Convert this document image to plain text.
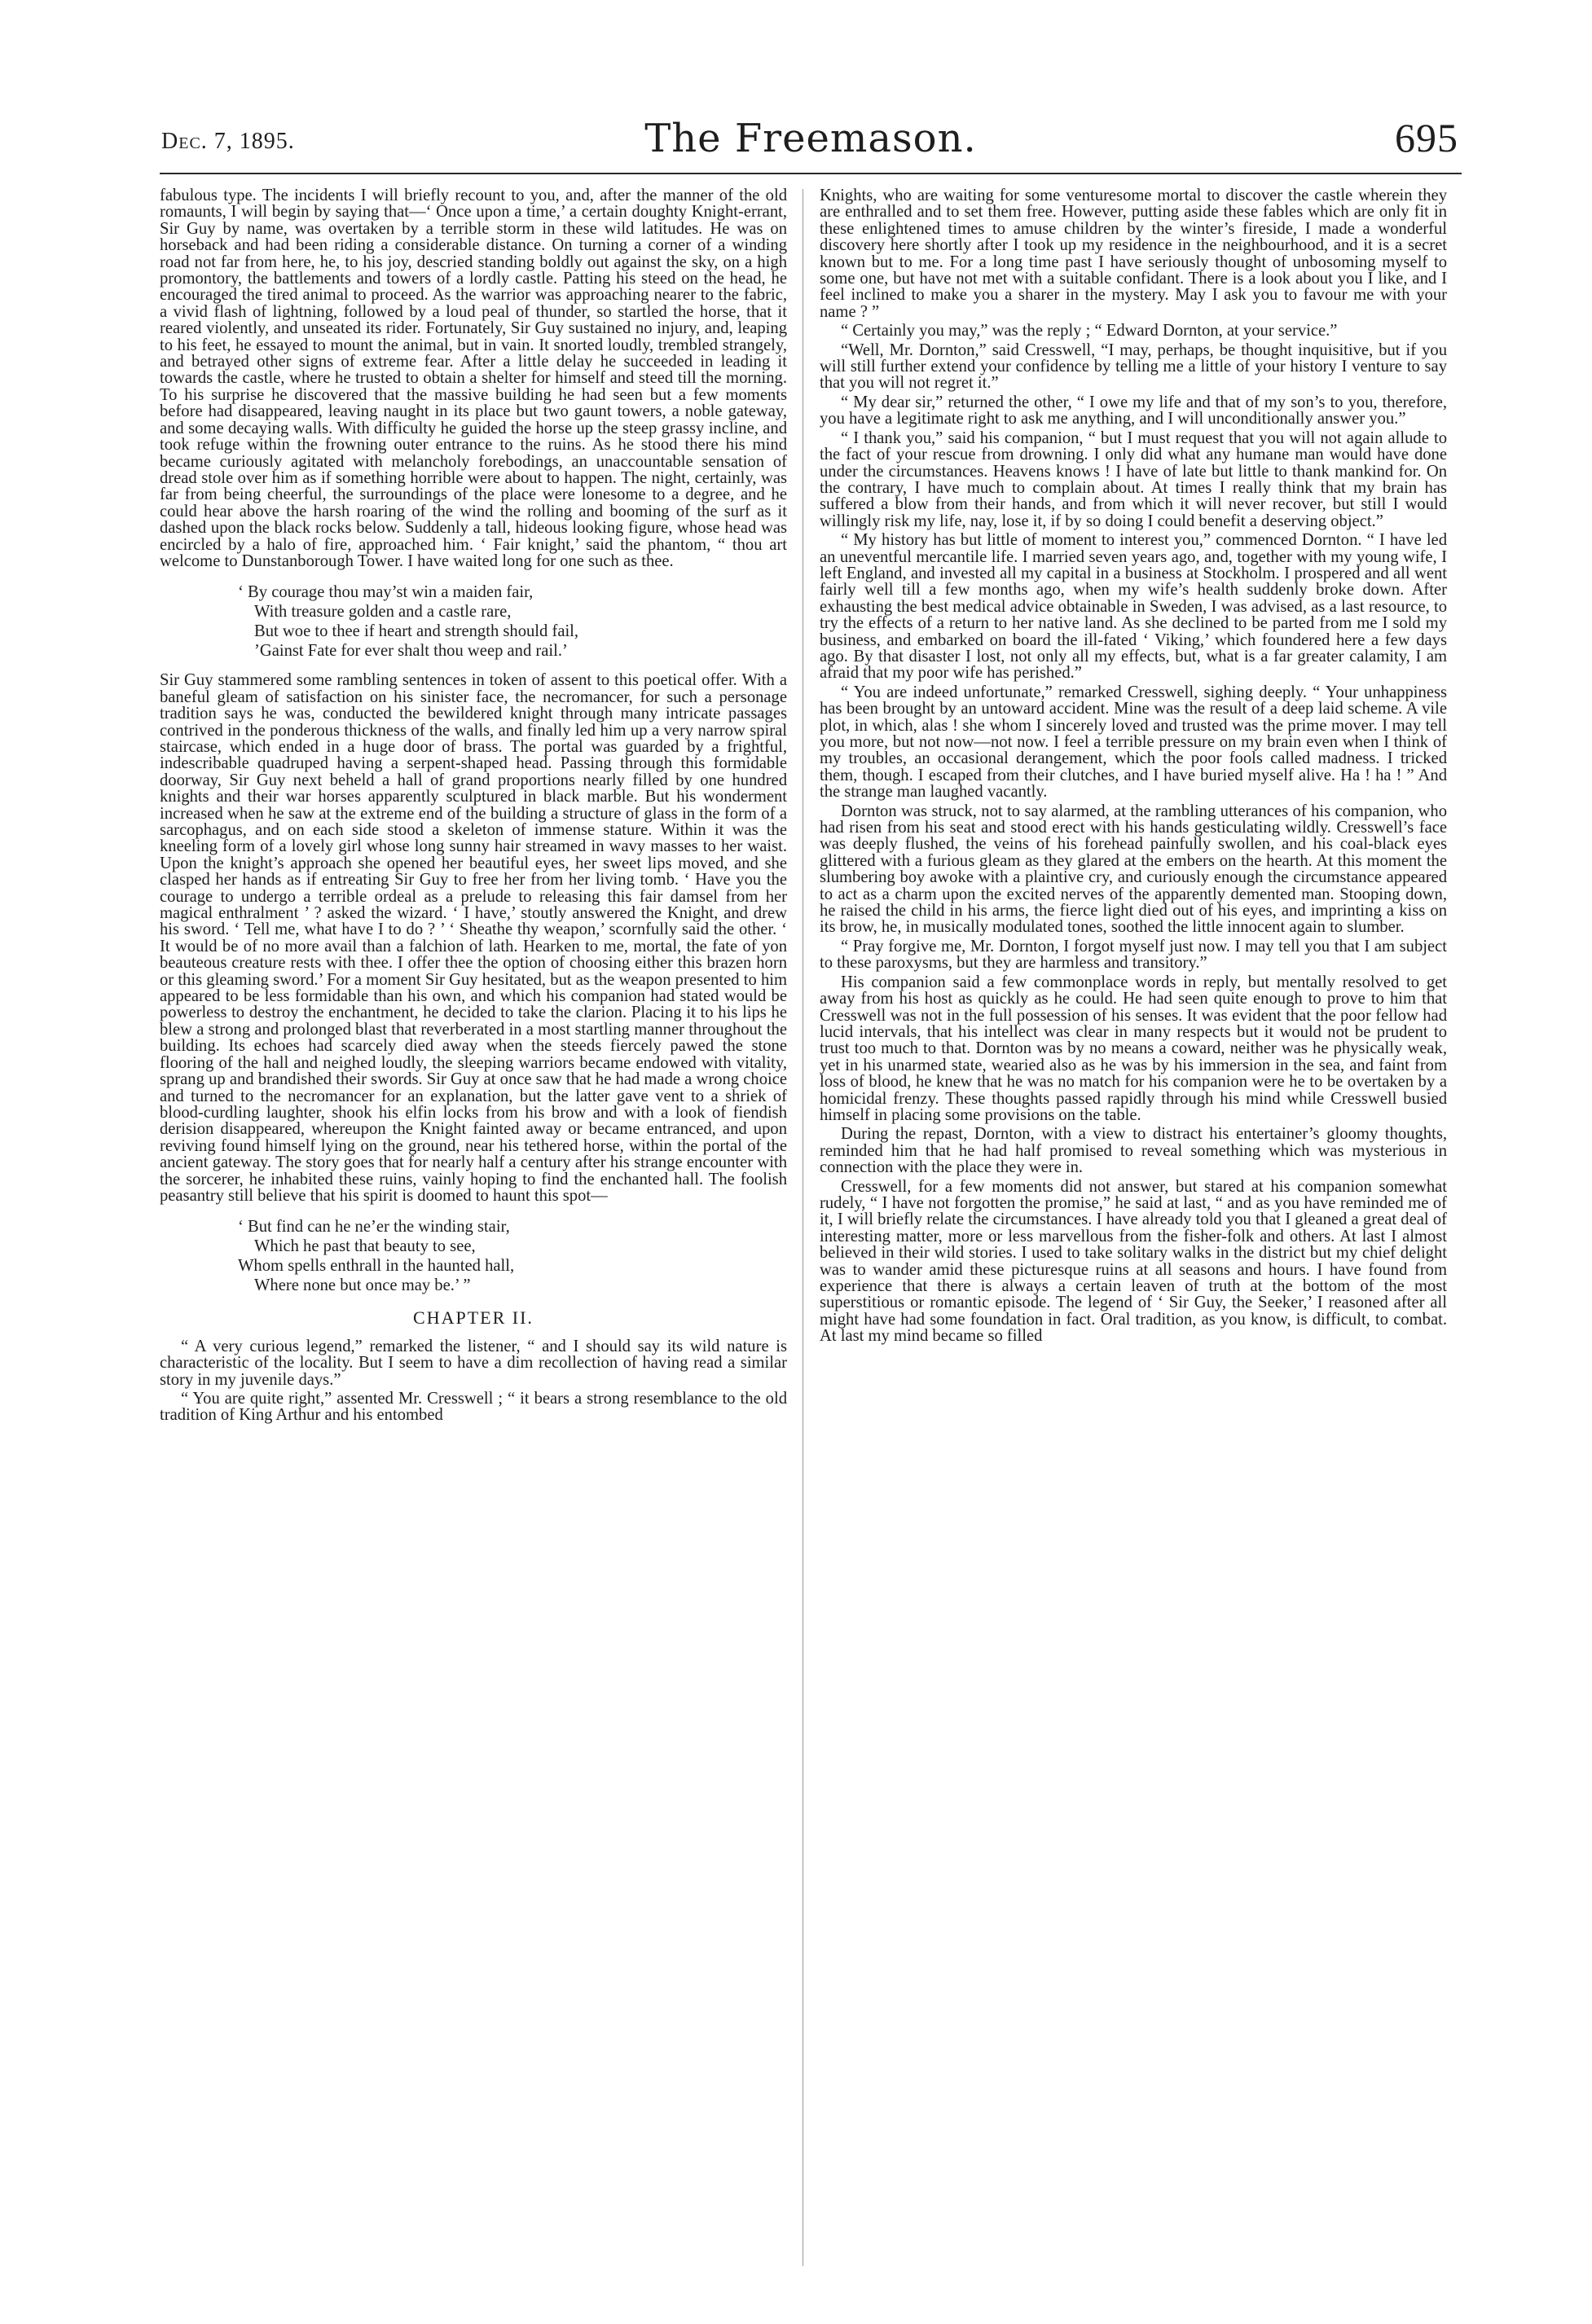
Dec. 7, 1895.	The Freemason.	695

fabulous type. The incidents I will briefly recount to you, and, after the manner of the old romaunts, I will begin by saying that—‘ Once upon a time,’ a certain doughty Knight-errant, Sir Guy by name, was overtaken by a terrible storm in these wild latitudes. He was on horseback and had been riding a considerable distance. On turning a corner of a winding road not far from here, he, to his joy, descried standing boldly out against the sky, on a high promontory, the battlements and towers of a lordly castle. Patting his steed on the head, he encouraged the tired animal to proceed. As the warrior was approaching nearer to the fabric, a vivid flash of lightning, followed by a loud peal of thunder, so startled the horse, that it reared violently, and unseated its rider. Fortunately, Sir Guy sustained no injury, and, leaping to his feet, he essayed to mount the animal, but in vain. It snorted loudly, trembled strangely, and betrayed other signs of extreme fear. After a little delay he succeeded in leading it towards the castle, where he trusted to obtain a shelter for himself and steed till the morning. To his surprise he discovered that the massive building he had seen but a few moments before had disappeared, leaving naught in its place but two gaunt towers, a noble gateway, and some decaying walls. With difficulty he guided the horse up the steep grassy incline, and took refuge within the frowning outer entrance to the ruins. As he stood there his mind became curiously agitated with melancholy forebodings, an unaccountable sensation of dread stole over him as if something horrible were about to happen. The night, certainly, was far from being cheerful, the surroundings of the place were lonesome to a degree, and he could hear above the harsh roaring of the wind the rolling and booming of the surf as it dashed upon the black rocks below. Suddenly a tall, hideous looking figure, whose head was encircled by a halo of fire, approached him. ‘ Fair knight,’ said the phantom, “ thou art welcome to Dunstanborough Tower. I have waited long for one such as thee.

‘ By courage thou may’st win a maiden fair,
With treasure golden and a castle rare,
But woe to thee if heart and strength should fail,
’Gainst Fate for ever shalt thou weep and rail.’

Sir Guy stammered some rambling sentences in token of assent to this poetical offer. With a baneful gleam of satisfaction on his sinister face, the necromancer, for such a personage tradition says he was, conducted the bewildered knight through many intricate passages contrived in the ponderous thickness of the walls, and finally led him up a very narrow spiral staircase, which ended in a huge door of brass. The portal was guarded by a frightful, indescribable quadruped having a serpent-shaped head. Passing through this formidable doorway, Sir Guy next beheld a hall of grand proportions nearly filled by one hundred knights and their war horses apparently sculptured in black marble. But his wonderment increased when he saw at the extreme end of the building a structure of glass in the form of a sarcophagus, and on each side stood a skeleton of immense stature. Within it was the kneeling form of a lovely girl whose long sunny hair streamed in wavy masses to her waist. Upon the knight’s approach she opened her beautiful eyes, her sweet lips moved, and she clasped her hands as if entreating Sir Guy to free her from her living tomb. ‘ Have you the courage to undergo a terrible ordeal as a prelude to releasing this fair damsel from her magical enthralment ’ ? asked the wizard. ‘ I have,’ stoutly answered the Knight, and drew his sword. ‘ Tell me, what have I to do ? ’ ‘ Sheathe thy weapon,’ scornfully said the other. ‘ It would be of no more avail than a falchion of lath. Hearken to me, mortal, the fate of yon beauteous creature rests with thee. I offer thee the option of choosing either this brazen horn or this gleaming sword.’ For a moment Sir Guy hesitated, but as the weapon presented to him appeared to be less formidable than his own, and which his companion had stated would be powerless to destroy the enchantment, he decided to take the clarion. Placing it to his lips he blew a strong and prolonged blast that reverberated in a most startling manner throughout the building. Its echoes had scarcely died away when the steeds fiercely pawed the stone flooring of the hall and neighed loudly, the sleeping warriors became endowed with vitality, sprang up and brandished their swords. Sir Guy at once saw that he had made a wrong choice and turned to the necromancer for an explanation, but the latter gave vent to a shriek of blood-curdling laughter, shook his elfin locks from his brow and with a look of fiendish derision disappeared, whereupon the Knight fainted away or became entranced, and upon reviving found himself lying on the ground, near his tethered horse, within the portal of the ancient gateway. The story goes that for nearly half a century after his strange encounter with the sorcerer, he inhabited these ruins, vainly hoping to find the enchanted hall. The foolish peasantry still believe that his spirit is doomed to haunt this spot—

‘ But find can he ne’er the winding stair,
Which he past that beauty to see,
Whom spells enthrall in the haunted hall,
Where none but once may be.’ ”
CHAPTER II.

“ A very curious legend,” remarked the listener, “ and I should say its wild nature is characteristic of the locality. But I seem to have a dim recollection of having read a similar story in my juvenile days.”

“ You are quite right,” assented Mr. Cresswell ; “ it bears a strong resemblance to the old tradition of King Arthur and his entombed

Knights, who are waiting for some venturesome mortal to discover the castle wherein they are enthralled and to set them free. However, putting aside these fables which are only fit in these enlightened times to amuse children by the winter’s fireside, I made a wonderful discovery here shortly after I took up my residence in the neighbourhood, and it is a secret known but to me. For a long time past I have seriously thought of unbosoming myself to some one, but have not met with a suitable confidant. There is a look about you I like, and I feel inclined to make you a sharer in the mystery. May I ask you to favour me with your name ? ”

“ Certainly you may,” was the reply ; “ Edward Dornton, at your service.”

“Well, Mr. Dornton,” said Cresswell, “I may, perhaps, be thought inquisitive, but if you will still further extend your confidence by telling me a little of your history I venture to say that you will not regret it.”

“ My dear sir,” returned the other, “ I owe my life and that of my son’s to you, therefore, you have a legitimate right to ask me anything, and I will unconditionally answer you.”

“ I thank you,” said his companion, “ but I must request that you will not again allude to the fact of your rescue from drowning. I only did what any humane man would have done under the circumstances. Heavens knows ! I have of late but little to thank mankind for. On the contrary, I have much to complain about. At times I really think that my brain has suffered a blow from their hands, and from which it will never recover, but still I would willingly risk my life, nay, lose it, if by so doing I could benefit a deserving object.”

“ My history has but little of moment to interest you,” commenced Dornton. “ I have led an uneventful mercantile life. I married seven years ago, and, together with my young wife, I left England, and invested all my capital in a business at Stockholm. I prospered and all went fairly well till a few months ago, when my wife’s health suddenly broke down. After exhausting the best medical advice obtainable in Sweden, I was advised, as a last resource, to try the effects of a return to her native land. As she declined to be parted from me I sold my business, and embarked on board the ill-fated ‘ Viking,’ which foundered here a few days ago. By that disaster I lost, not only all my effects, but, what is a far greater calamity, I am afraid that my poor wife has perished.”

“ You are indeed unfortunate,” remarked Cresswell, sighing deeply. “ Your unhappiness has been brought by an untoward accident. Mine was the result of a deep laid scheme. A vile plot, in which, alas ! she whom I sincerely loved and trusted was the prime mover. I may tell you more, but not now—not now. I feel a terrible pressure on my brain even when I think of my troubles, an occasional derangement, which the poor fools called madness. I tricked them, though. I escaped from their clutches, and I have buried myself alive. Ha ! ha ! ” And the strange man laughed vacantly.

Dornton was struck, not to say alarmed, at the rambling utterances of his companion, who had risen from his seat and stood erect with his hands gesticulating wildly. Cresswell’s face was deeply flushed, the veins of his forehead painfully swollen, and his coal-black eyes glittered with a furious gleam as they glared at the embers on the hearth. At this moment the slumbering boy awoke with a plaintive cry, and curiously enough the circumstance appeared to act as a charm upon the excited nerves of the apparently demented man. Stooping down, he raised the child in his arms, the fierce light died out of his eyes, and imprinting a kiss on its brow, he, in musically modulated tones, soothed the little innocent again to slumber.

“ Pray forgive me, Mr. Dornton, I forgot myself just now. I may tell you that I am subject to these paroxysms, but they are harmless and transitory.”

His companion said a few commonplace words in reply, but mentally resolved to get away from his host as quickly as he could. He had seen quite enough to prove to him that Cresswell was not in the full possession of his senses. It was evident that the poor fellow had lucid intervals, that his intellect was clear in many respects but it would not be prudent to trust too much to that. Dornton was by no means a coward, neither was he physically weak, yet in his unarmed state, wearied also as he was by his immersion in the sea, and faint from loss of blood, he knew that he was no match for his companion were he to be overtaken by a homicidal frenzy. These thoughts passed rapidly through his mind while Cresswell busied himself in placing some provisions on the table.

During the repast, Dornton, with a view to distract his entertainer’s gloomy thoughts, reminded him that he had half promised to reveal something which was mysterious in connection with the place they were in.

Cresswell, for a few moments did not answer, but stared at his companion somewhat rudely, “ I have not forgotten the promise,” he said at last, “ and as you have reminded me of it, I will briefly relate the circumstances. I have already told you that I gleaned a great deal of interesting matter, more or less marvellous from the fisher-folk and others. At last I almost believed in their wild stories. I used to take solitary walks in the district but my chief delight was to wander amid these picturesque ruins at all seasons and hours. I have found from experience that there is always a certain leaven of truth at the bottom of the most superstitious or romantic episode. The legend of ‘ Sir Guy, the Seeker,’ I reasoned after all might have had some foundation in fact. Oral tradition, as you know, is difficult, to combat. At last my mind became so filled
